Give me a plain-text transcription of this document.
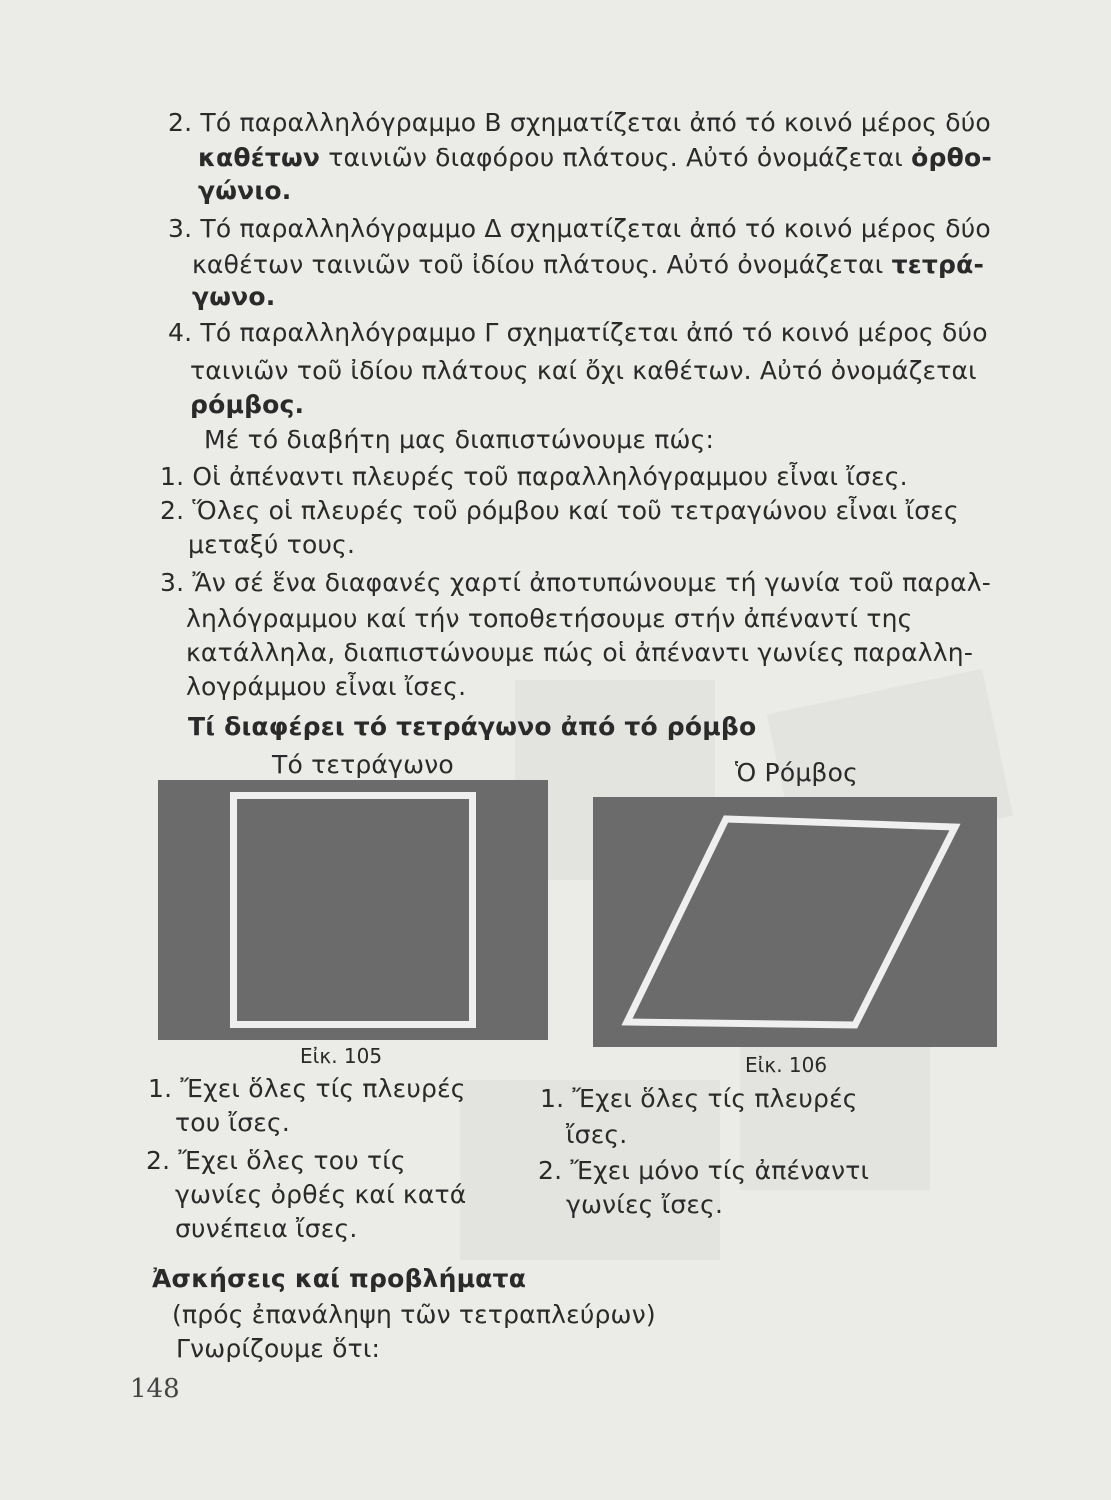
2. Τό παραλληλόγραμμο Β σχηματίζεται ἀπό τό κοινό μέρος δύο
καθέτων ταινιῶν διαφόρου πλάτους. Αὐτό ὀνομάζεται ὀρθο-
γώνιο.
3. Τό παραλληλόγραμμο Δ σχηματίζεται ἀπό τό κοινό μέρος δύο
καθέτων ταινιῶν τοῦ ἰδίου πλάτους. Αὐτό ὀνομάζεται τετρά-
γωνο.
4. Τό παραλληλόγραμμο Γ σχηματίζεται ἀπό τό κοινό μέρος δύο
ταινιῶν τοῦ ἰδίου πλάτους καί ὄχι καθέτων. Αὐτό ὀνομάζεται
ρόμβος.
Μέ τό διαβήτη μας διαπιστώνουμε πώς:
1. Οἱ ἀπέναντι πλευρές τοῦ παραλληλόγραμμου εἶναι ἴσες.
2. Ὅλες οἱ πλευρές τοῦ ρόμβου καί τοῦ τετραγώνου εἶναι ἴσες
μεταξύ τους.
3. Ἄν σέ ἕνα διαφανές χαρτί ἀποτυπώνουμε τή γωνία τοῦ παραλ-
ληλόγραμμου καί τήν τοποθετήσουμε στήν ἀπέναντί της
κατάλληλα, διαπιστώνουμε πώς οἱ ἀπέναντι γωνίες παραλλη-
λογράμμου εἶναι ἴσες.
Τί διαφέρει τό τετράγωνο ἀπό τό ρόμβο
Τό τετράγωνο	Ὁ Ρόμβος
Εἰκ. 105	Εἰκ. 106
1. Ἔχει ὅλες τίς πλευρές
του ἴσες.
2. Ἔχει ὅλες του τίς
γωνίες ὀρθές καί κατά
συνέπεια ἴσες.
1. Ἔχει ὅλες τίς πλευρές
ἴσες.
2. Ἔχει μόνο τίς ἀπέναντι
γωνίες ἴσες.
Ἀσκήσεις καί προβλήματα
(πρός ἐπανάληψη τῶν τετραπλεύρων)
Γνωρίζουμε ὅτι:
148
